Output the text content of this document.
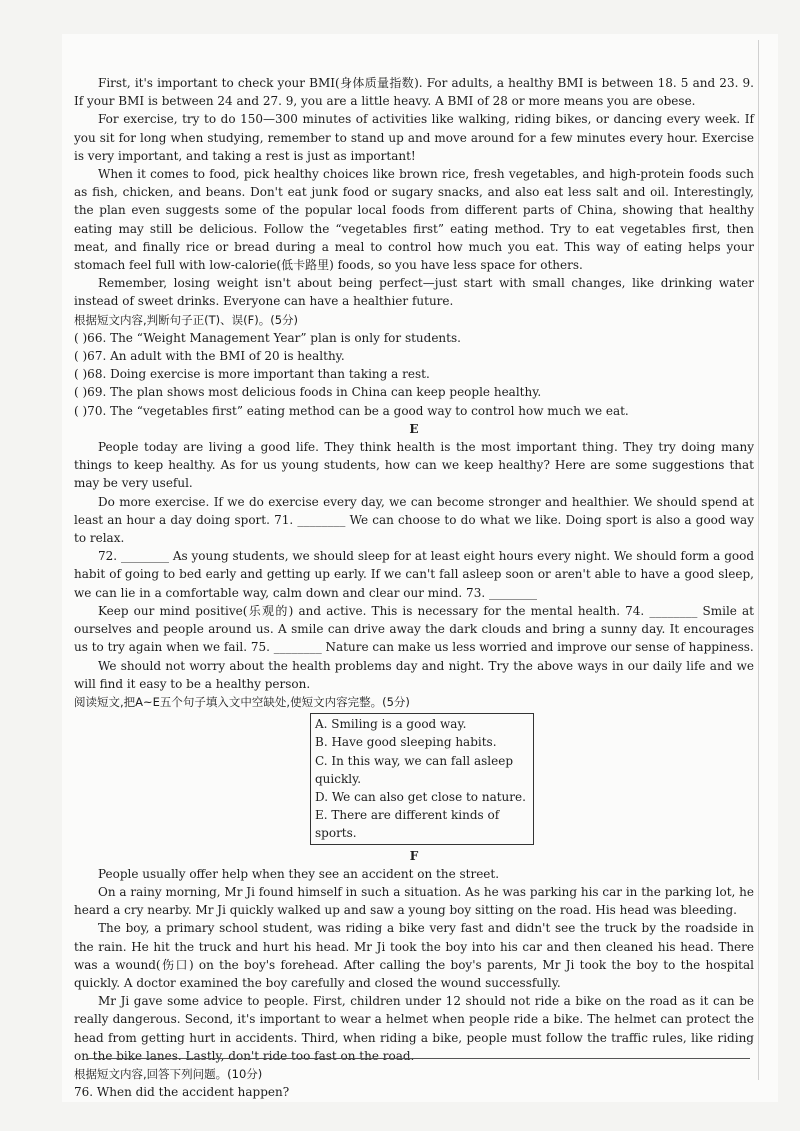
First, it's important to check your BMI(身体质量指数). For adults, a healthy BMI is between 18. 5 and 23. 9. If your BMI is between 24 and 27. 9, you are a little heavy. A BMI of 28 or more means you are obese.

For exercise, try to do 150—300 minutes of activities like walking, riding bikes, or dancing every week. If you sit for long when studying, remember to stand up and move around for a few minutes every hour. Exercise is very important, and taking a rest is just as important!

When it comes to food, pick healthy choices like brown rice, fresh vegetables, and high-protein foods such as fish, chicken, and beans. Don't eat junk food or sugary snacks, and also eat less salt and oil. Interestingly, the plan even suggests some of the popular local foods from different parts of China, showing that healthy eating may still be delicious. Follow the “vegetables first” eating method. Try to eat vegetables first, then meat, and finally rice or bread during a meal to control how much you eat. This way of eating helps your stomach feel full with low-calorie(低卡路里) foods, so you have less space for others.

Remember, losing weight isn't about being perfect—just start with small changes, like drinking water instead of sweet drinks. Everyone can have a healthier future.

根据短文内容,判断句子正(T)、误(F)。(5分)

( )66. The “Weight Management Year” plan is only for students.

( )67. An adult with the BMI of 20 is healthy.

( )68. Doing exercise is more important than taking a rest.

( )69. The plan shows most delicious foods in China can keep people healthy.

( )70. The “vegetables first” eating method can be a good way to control how much we eat.

E

People today are living a good life. They think health is the most important thing. They try doing many things to keep healthy. As for us young students, how can we keep healthy? Here are some suggestions that may be very useful.

Do more exercise. If we do exercise every day, we can become stronger and healthier. We should spend at least an hour a day doing sport. 71. ________ We can choose to do what we like. Doing sport is also a good way to relax.

72. ________ As young students, we should sleep for at least eight hours every night. We should form a good habit of going to bed early and getting up early. If we can't fall asleep soon or aren't able to have a good sleep, we can lie in a comfortable way, calm down and clear our mind. 73. ________

Keep our mind positive(乐观的) and active. This is necessary for the mental health. 74. ________ Smile at ourselves and people around us. A smile can drive away the dark clouds and bring a sunny day. It encourages us to try again when we fail. 75. ________ Nature can make us less worried and improve our sense of happiness.

We should not worry about the health problems day and night. Try the above ways in our daily life and we will find it easy to be a healthy person.

阅读短文,把A~E五个句子填入文中空缺处,使短文内容完整。(5分)

A. Smiling is a good way.
B. Have good sleeping habits.
C. In this way, we can fall asleep quickly.
D. We can also get close to nature.
E. There are different kinds of sports.

F

People usually offer help when they see an accident on the street.

On a rainy morning, Mr Ji found himself in such a situation. As he was parking his car in the parking lot, he heard a cry nearby. Mr Ji quickly walked up and saw a young boy sitting on the road. His head was bleeding.

The boy, a primary school student, was riding a bike very fast and didn't see the truck by the roadside in the rain. He hit the truck and hurt his head. Mr Ji took the boy into his car and then cleaned his head. There was a wound(伤口) on the boy's forehead. After calling the boy's parents, Mr Ji took the boy to the hospital quickly. A doctor examined the boy carefully and closed the wound successfully.

Mr Ji gave some advice to people. First, children under 12 should not ride a bike on the road as it can be really dangerous. Second, it's important to wear a helmet when people ride a bike. The helmet can protect the head from getting hurt in accidents. Third, when riding a bike, people must follow the traffic rules, like riding on the bike lanes. Lastly, don't ride too fast on the road.

根据短文内容,回答下列问题。(10分)

76. When did the accident happen?
